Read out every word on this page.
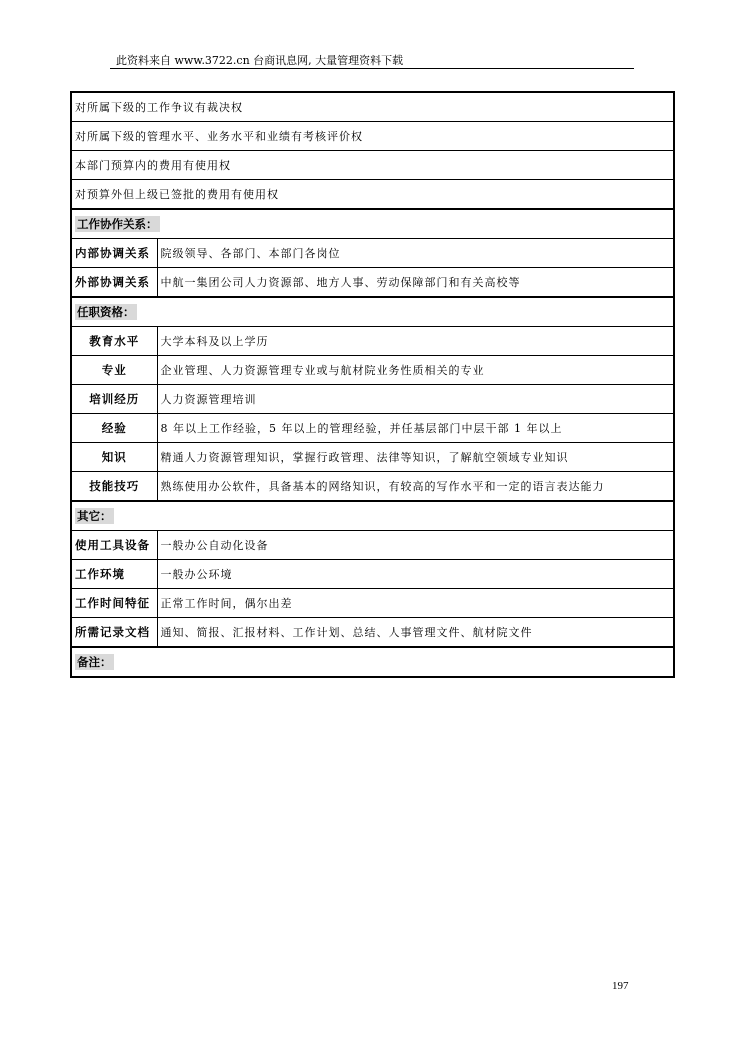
此资料来自 www.3722.cn 台商讯息网, 大量管理资料下载
对所属下级的工作争议有裁决权	
对所属下级的管理水平、业务水平和业绩有考核评价权	
本部门预算内的费用有使用权	
对预算外但上级已签批的费用有使用权	
工作协作关系：	
内部协调关系	院级领导、各部门、本部门各岗位
外部协调关系	中航一集团公司人力资源部、地方人事、劳动保障部门和有关高校等
任职资格：	
教育水平	大学本科及以上学历
专业	企业管理、人力资源管理专业或与航材院业务性质相关的专业
培训经历	人力资源管理培训
经验	8 年以上工作经验，5 年以上的管理经验，并任基层部门中层干部 1 年以上
知识	精通人力资源管理知识，掌握行政管理、法律等知识，了解航空领域专业知识
技能技巧	熟练使用办公软件，具备基本的网络知识，有较高的写作水平和一定的语言表达能力
其它：	
使用工具设备	一般办公自动化设备
工作环境	一般办公环境
工作时间特征	正常工作时间，偶尔出差
所需记录文档	通知、简报、汇报材料、工作计划、总结、人事管理文件、航材院文件
备注：	
197
